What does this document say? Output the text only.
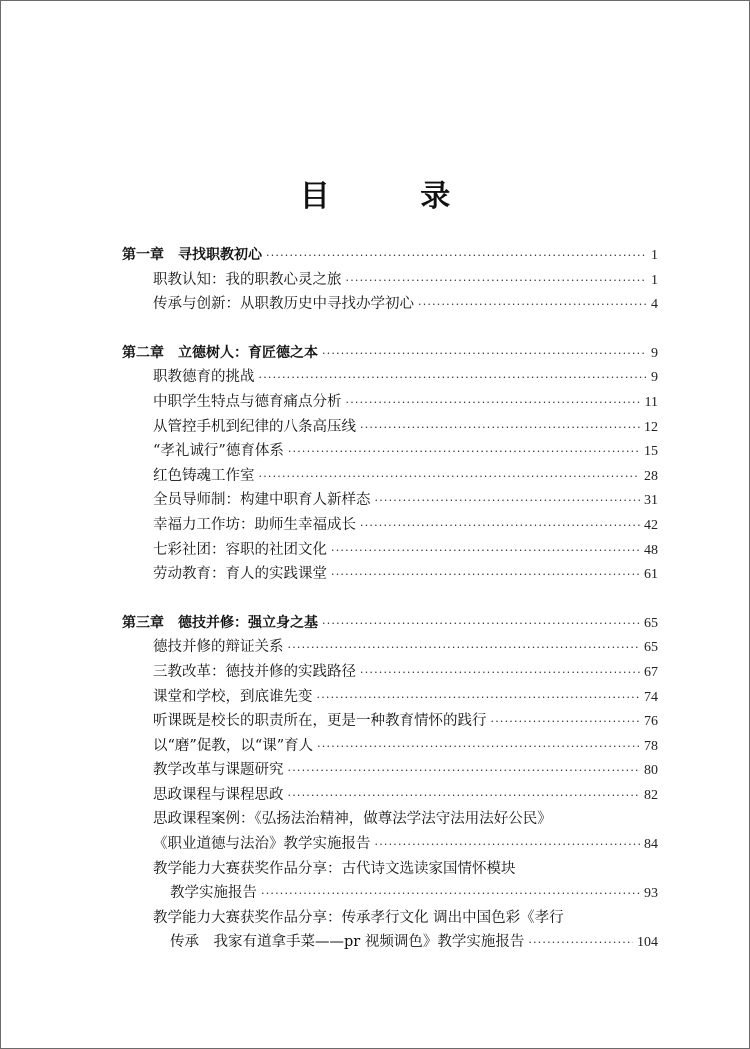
目 录
第一章 寻找职教初心 ·····	1
职教认知：我的职教心灵之旅 ·····	1
传承与创新：从职教历史中寻找办学初心 ·····	4
第二章 立德树人：育匠德之本 ·····	9
职教德育的挑战 ·····	9
中职学生特点与德育痛点分析 ·····	11
从管控手机到纪律的八条高压线 ·····	12
“孝礼诚行”德育体系 ·····	15
红色铸魂工作室 ·····	28
全员导师制：构建中职育人新样态 ·····	31
幸福力工作坊：助师生幸福成长 ·····	42
七彩社团：容职的社团文化 ·····	48
劳动教育：育人的实践课堂 ·····	61
第三章 德技并修：强立身之基 ·····	65
德技并修的辩证关系 ·····	65
三教改革：德技并修的实践路径 ·····	67
课堂和学校，到底谁先变 ·····	74
听课既是校长的职责所在，更是一种教育情怀的践行 ·····	76
以“磨”促教，以“课”育人 ·····	78
教学改革与课题研究 ·····	80
思政课程与课程思政 ·····	82
思政课程案例：《弘扬法治精神，做尊法学法守法用法好公民》
《职业道德与法治》教学实施报告 ·····	84
教学能力大赛获奖作品分享：古代诗文选读家国情怀模块
教学实施报告 ·····	93
教学能力大赛获奖作品分享：传承孝行文化 调出中国色彩《孝行
传承　我家有道拿手菜——pr 视频调色》教学实施报告 ·····	104
